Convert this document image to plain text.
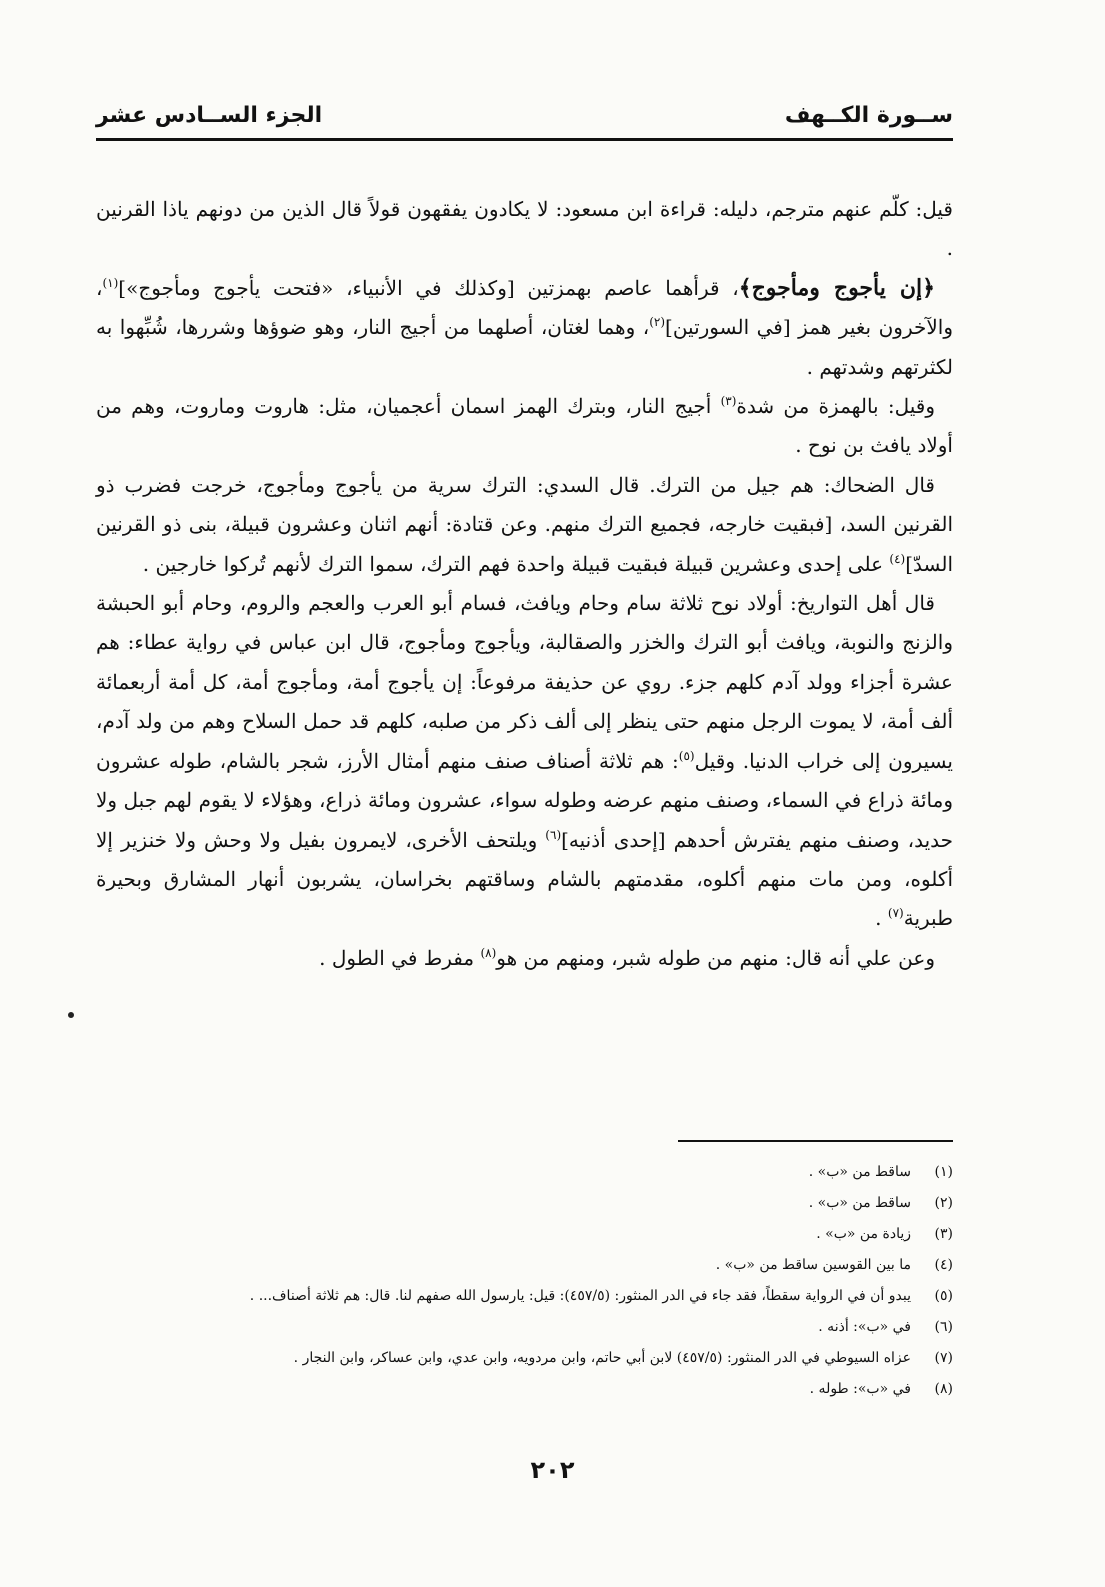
ســورة الكــهف
الجزء الســادس عشر

قيل: كلّم عنهم مترجم، دليله: قراءة ابن مسعود: لا يكادون يفقهون قولاً قال الذين من دونهم ياذا القرنين .

﴿إن يأجوج ومأجوج﴾، قرأهما عاصم بهمزتين [وكذلك في الأنبياء، «فتحت يأجوج ومأجوج»]$^{(١)}$، والآخرون بغير همز [في السورتين]$^{(٢)}$، وهما لغتان، أصلهما من أجيج النار، وهو ضوؤها وشررها، شُبِّهوا به لكثرتهم وشدتهم .

وقيل: بالهمزة من شدة$^{(٣)}$ أجيج النار، وبترك الهمز اسمان أعجميان، مثل: هاروت وماروت، وهم من أولاد يافث بن نوح .

قال الضحاك: هم جيل من الترك. قال السدي: الترك سرية من يأجوج ومأجوج، خرجت فضرب ذو القرنين السد، [فبقيت خارجه، فجميع الترك منهم. وعن قتادة: أنهم اثنان وعشرون قبيلة، بنى ذو القرنين السدّ]$^{(٤)}$ على إحدى وعشرين قبيلة فبقيت قبيلة واحدة فهم الترك، سموا الترك لأنهم تُركوا خارجين .

قال أهل التواريخ: أولاد نوح ثلاثة سام وحام ويافث، فسام أبو العرب والعجم والروم، وحام أبو الحبشة والزنج والنوبة، ويافث أبو الترك والخزر والصقالبة، ويأجوج ومأجوج، قال ابن عباس في رواية عطاء: هم عشرة أجزاء وولد آدم كلهم جزء. روي عن حذيفة مرفوعاً: إن يأجوج أمة، ومأجوج أمة، كل أمة أربعمائة ألف أمة، لا يموت الرجل منهم حتى ينظر إلى ألف ذكر من صلبه، كلهم قد حمل السلاح وهم من ولد آدم، يسيرون إلى خراب الدنيا. وقيل$^{(٥)}$: هم ثلاثة أصناف صنف منهم أمثال الأرز، شجر بالشام، طوله عشرون ومائة ذراع في السماء، وصنف منهم عرضه وطوله سواء، عشرون ومائة ذراع، وهؤلاء لا يقوم لهم جبل ولا حديد، وصنف منهم يفترش أحدهم [إحدى أذنيه]$^{(٦)}$ ويلتحف الأخرى، لايمرون بفيل ولا وحش ولا خنزير إلا أكلوه، ومن مات منهم أكلوه، مقدمتهم بالشام وساقتهم بخراسان، يشربون أنهار المشارق وبحيرة طبرية$^{(٧)}$ .

وعن علي أنه قال: منهم من طوله شبر، ومنهم من هو$^{(٨)}$ مفرط في الطول .

(١)
ساقط من «ب» .
(٢)
ساقط من «ب» .
(٣)
زيادة من «ب» .
(٤)
ما بين القوسين ساقط من «ب» .
(٥)
يبدو أن في الرواية سقطاً، فقد جاء في الدر المنثور: (٤٥٧/٥): قيل: يارسول الله صفهم لنا. قال: هم ثلاثة أصناف... .
(٦)
في «ب»: أذنه .
(٧)
عزاه السيوطي في الدر المنثور: (٤٥٧/٥) لابن أبي حاتم، وابن مردويه، وابن عدي، وابن عساكر، وابن النجار .
(٨)
في «ب»: طوله .
٢٠٢
